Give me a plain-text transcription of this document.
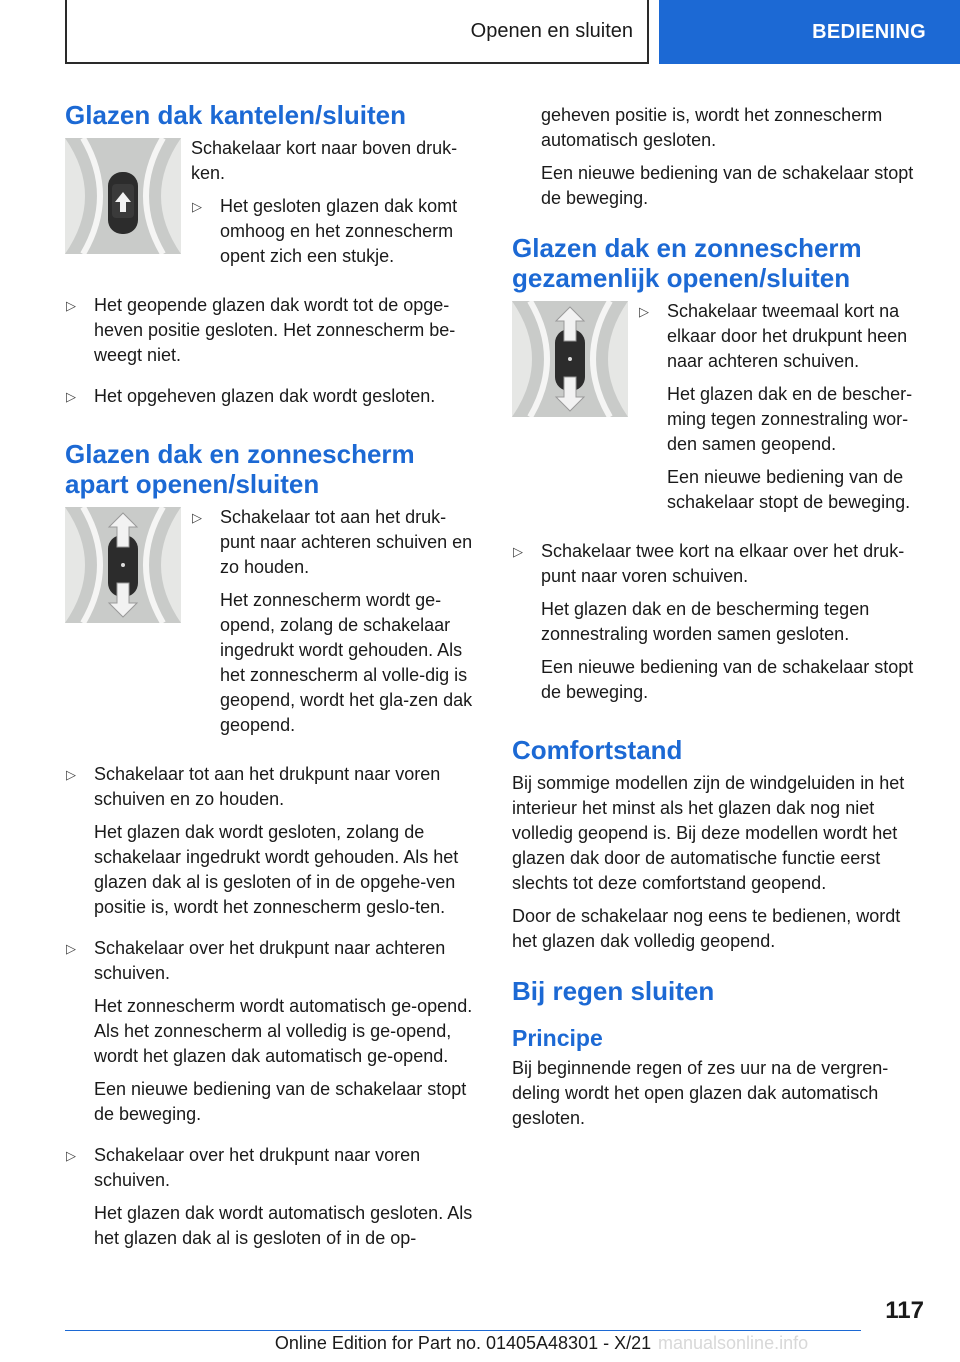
Openen en sluiten	BEDIENING
Glazen dak kantelen/sluiten

Schakelaar kort naar boven druk-ken.

▷	Het gesloten glazen dak komt omhoog en het zonnescherm opent zich een stukje.

▷	Het geopende glazen dak wordt tot de opge-heven positie gesloten. Het zonnescherm be-weegt niet.

▷	Het opgeheven glazen dak wordt gesloten.

Glazen dak en zonnescherm apart openen/sluiten
▷	Schakelaar tot aan het druk-punt naar achteren schuiven en zo houden.

Het zonnescherm wordt ge-opend, zolang de schakelaar ingedrukt wordt gehouden. Als het zonnescherm al volle-dig is geopend, wordt het gla-zen dak geopend.

▷	Schakelaar tot aan het drukpunt naar voren schuiven en zo houden.

Het glazen dak wordt gesloten, zolang de schakelaar ingedrukt wordt gehouden. Als het glazen dak al is gesloten of in de opgehe-ven positie is, wordt het zonnescherm geslo-ten.

▷	Schakelaar over het drukpunt naar achteren schuiven.

Het zonnescherm wordt automatisch ge-opend. Als het zonnescherm al volledig is ge-opend, wordt het glazen dak automatisch ge-opend.

Een nieuwe bediening van de schakelaar stopt de beweging.

▷	Schakelaar over het drukpunt naar voren schuiven.

Het glazen dak wordt automatisch gesloten. Als het glazen dak al is gesloten of in de op-

geheven positie is, wordt het zonnescherm automatisch gesloten.

Een nieuwe bediening van de schakelaar stopt de beweging.

Glazen dak en zonnescherm gezamenlijk openen/sluiten
▷	Schakelaar tweemaal kort na elkaar door het drukpunt heen naar achteren schuiven.

Het glazen dak en de bescher-ming tegen zonnestraling wor-den samen geopend.

Een nieuwe bediening van de schakelaar stopt de beweging.

▷	Schakelaar twee kort na elkaar over het druk-punt naar voren schuiven.

Het glazen dak en de bescherming tegen zonnestraling worden samen gesloten.

Een nieuwe bediening van de schakelaar stopt de beweging.

Comfortstand

Bij sommige modellen zijn de windgeluiden in het interieur het minst als het glazen dak nog niet volledig geopend is. Bij deze modellen wordt het glazen dak door de automatische functie eerst slechts tot deze comfortstand geopend.

Door de schakelaar nog eens te bedienen, wordt het glazen dak volledig geopend.

Bij regen sluiten
Principe

Bij beginnende regen of zes uur na de vergren-deling wordt het open glazen dak automatisch gesloten.

117
Online Edition for Part no. 01405A48301 - X/21 manualsonline.info
